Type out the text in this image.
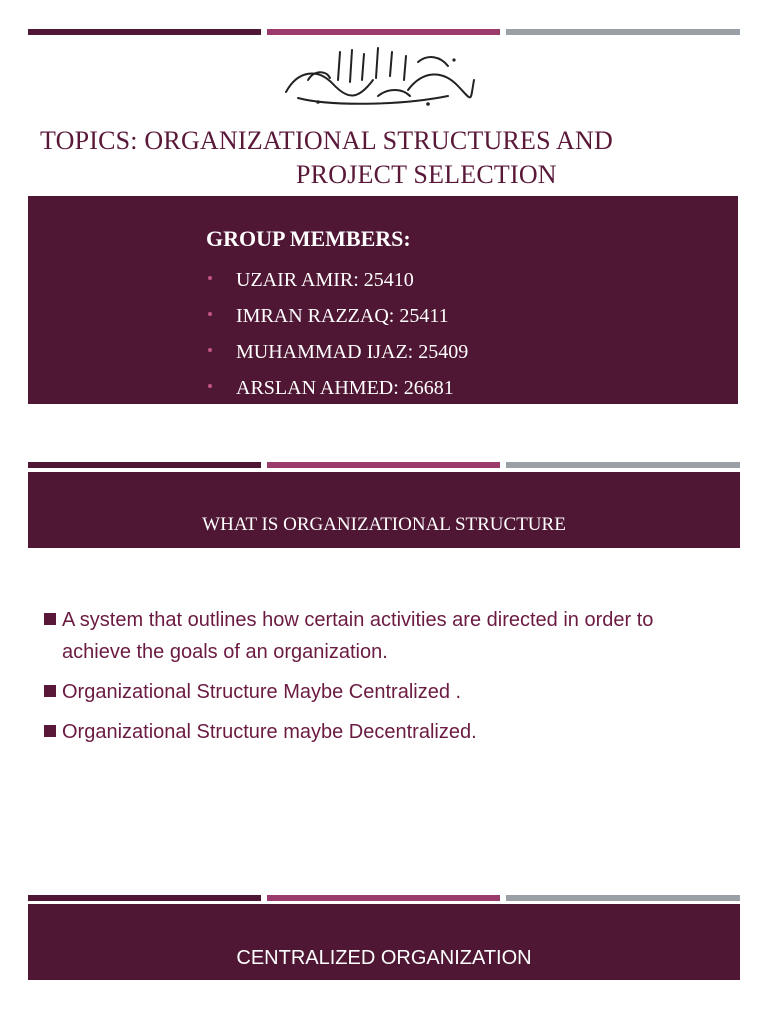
TOPICS: ORGANIZATIONAL STRUCTURES AND
PROJECT SELECTION
GROUP MEMBERS:
UZAIR AMIR: 25410
IMRAN RAZZAQ: 25411
MUHAMMAD IJAZ: 25409
ARSLAN AHMED: 26681
WHAT IS ORGANIZATIONAL STRUCTURE
A system that outlines how certain activities are directed in order to achieve the goals of an organization.
Organizational Structure Maybe Centralized .
Organizational Structure maybe Decentralized.
CENTRALIZED ORGANIZATION
